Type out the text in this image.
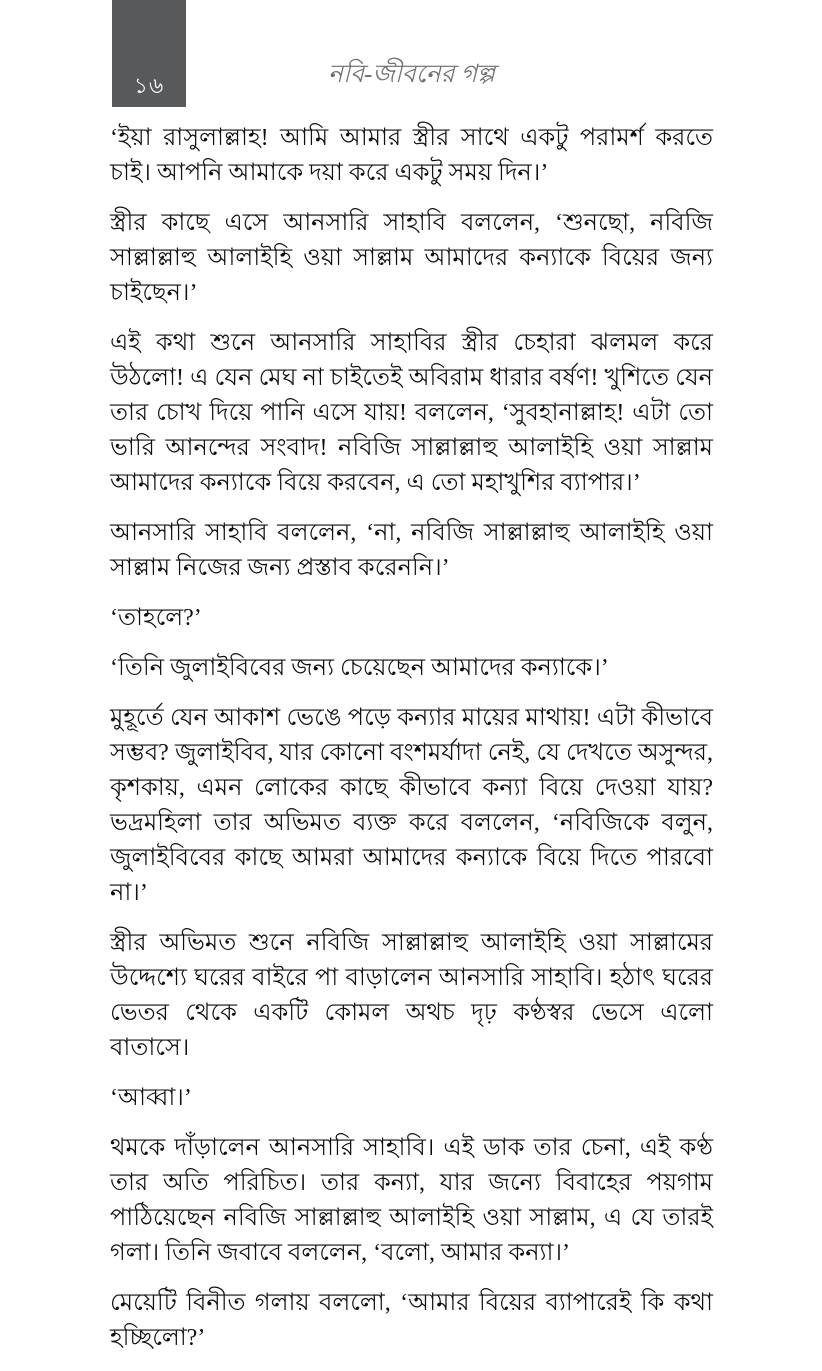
১৬	নবি-জীবনের গল্প

‘ইয়া রাসুলাল্লাহ! আমি আমার স্ত্রীর সাথে একটু পরামর্শ করতে চাই। আপনি আমাকে দয়া করে একটু সময় দিন।’

স্ত্রীর কাছে এসে আনসারি সাহাবি বললেন, ‘শুনছো, নবিজি সাল্লাল্লাহু আলাইহি ওয়া সাল্লাম আমাদের কন্যাকে বিয়ের জন্য চাইছেন।’

এই কথা শুনে আনসারি সাহাবির স্ত্রীর চেহারা ঝলমল করে উঠলো! এ যেন মেঘ না চাইতেই অবিরাম ধারার বর্ষণ! খুশিতে যেন তার চোখ দিয়ে পানি এসে যায়! বললেন, ‘সুবহানাল্লাহ! এটা তো ভারি আনন্দের সংবাদ! নবিজি সাল্লাল্লাহু আলাইহি ওয়া সাল্লাম আমাদের কন্যাকে বিয়ে করবেন, এ তো মহাখুশির ব্যাপার।’

আনসারি সাহাবি বললেন, ‘না, নবিজি সাল্লাল্লাহু আলাইহি ওয়া সাল্লাম নিজের জন্য প্রস্তাব করেননি।’

‘তাহলে?’

‘তিনি জুলাইবিবের জন্য চেয়েছেন আমাদের কন্যাকে।’

মুহূর্তে যেন আকাশ ভেঙে পড়ে কন্যার মায়ের মাথায়! এটা কীভাবে সম্ভব? জুলাইবিব, যার কোনো বংশমর্যাদা নেই, যে দেখতে অসুন্দর, কৃশকায়, এমন লোকের কাছে কীভাবে কন্যা বিয়ে দেওয়া যায়? ভদ্রমহিলা তার অভিমত ব্যক্ত করে বললেন, ‘নবিজিকে বলুন, জুলাইবিবের কাছে আমরা আমাদের কন্যাকে বিয়ে দিতে পারবো না।’

স্ত্রীর অভিমত শুনে নবিজি সাল্লাল্লাহু আলাইহি ওয়া সাল্লামের উদ্দেশ্যে ঘরের বাইরে পা বাড়ালেন আনসারি সাহাবি। হঠাৎ ঘরের ভেতর থেকে একটি কোমল অথচ দৃঢ় কণ্ঠস্বর ভেসে এলো বাতাসে।

‘আব্বা।’

থমকে দাঁড়ালেন আনসারি সাহাবি। এই ডাক তার চেনা, এই কণ্ঠ তার অতি পরিচিত। তার কন্যা, যার জন্যে বিবাহের পয়গাম পাঠিয়েছেন নবিজি সাল্লাল্লাহু আলাইহি ওয়া সাল্লাম, এ যে তারই গলা। তিনি জবাবে বললেন, ‘বলো, আমার কন্যা।’

মেয়েটি বিনীত গলায় বললো, ‘আমার বিয়ের ব্যাপারেই কি কথা হচ্ছিলো?’
